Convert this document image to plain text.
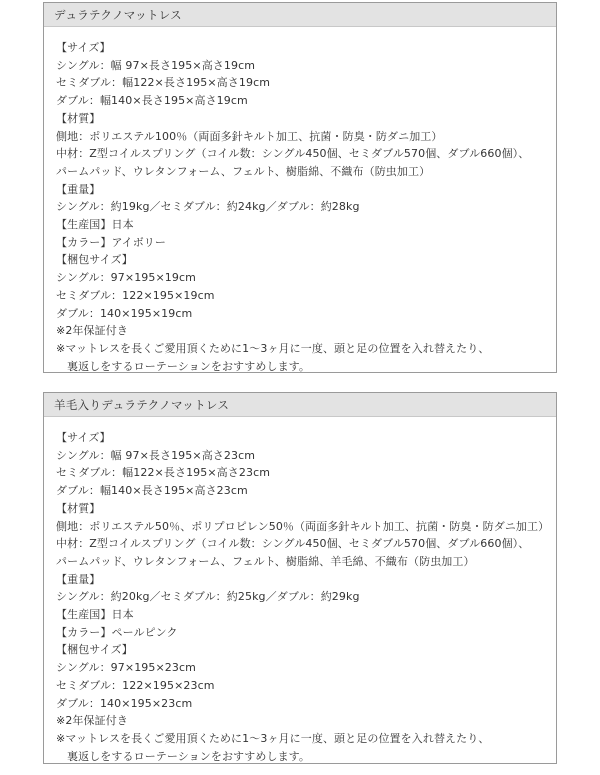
デュラテクノマットレス
【サイズ】
シングル：幅 97×長さ195×高さ19cm
セミダブル：幅122×長さ195×高さ19cm
ダブル：幅140×長さ195×高さ19cm
【材質】
側地：ポリエステル100％（両面多針キルト加工、抗菌・防臭・防ダニ加工）
中材：Z型コイルスプリング（コイル数：シングル450個、セミダブル570個、ダブル660個）、
パームパッド、ウレタンフォーム、フェルト、樹脂綿、不織布（防虫加工）
【重量】
シングル：約19kg／セミダブル：約24kg／ダブル：約28kg
【生産国】日本
【カラー】アイボリー
【梱包サイズ】
シングル：97×195×19cm
セミダブル：122×195×19cm
ダブル：140×195×19cm
※2年保証付き
※マットレスを長くご愛用頂くために1～3ヶ月に一度、頭と足の位置を入れ替えたり、
裏返しをするローテーションをおすすめします。
羊毛入りデュラテクノマットレス
【サイズ】
シングル：幅 97×長さ195×高さ23cm
セミダブル：幅122×長さ195×高さ23cm
ダブル：幅140×長さ195×高さ23cm
【材質】
側地：ポリエステル50％、ポリプロピレン50％（両面多針キルト加工、抗菌・防臭・防ダニ加工）
中材：Z型コイルスプリング（コイル数：シングル450個、セミダブル570個、ダブル660個）、
パームパッド、ウレタンフォーム、フェルト、樹脂綿、羊毛綿、不織布（防虫加工）
【重量】
シングル：約20kg／セミダブル：約25kg／ダブル：約29kg
【生産国】日本
【カラー】ペールピンク
【梱包サイズ】
シングル：97×195×23cm
セミダブル：122×195×23cm
ダブル：140×195×23cm
※2年保証付き
※マットレスを長くご愛用頂くために1～3ヶ月に一度、頭と足の位置を入れ替えたり、
裏返しをするローテーションをおすすめします。
